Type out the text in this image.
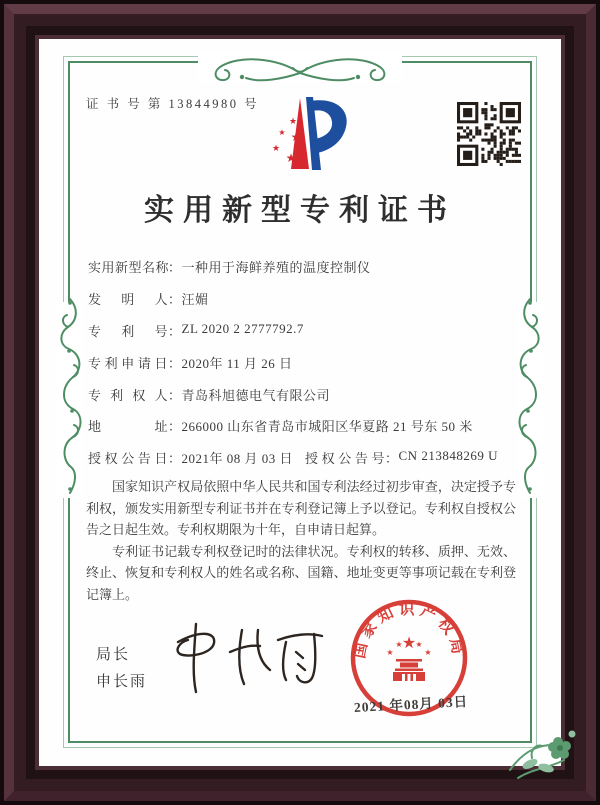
证 书 号 第 13844980 号
★
★ ★
★
★
实用新型专利证书
实用新型名称：一种用于海鲜养殖的温度控制仪
发明人：汪媚
专利号：ZL 2020 2 2777792.7
专利申请日：2020年 11 月 26 日
专利权人：青岛科旭德电气有限公司
地址：266000 山东省青岛市城阳区华夏路 21 号东 50 米
授权公告日：2021年 08 月 03 日 授权公告号：CN 213848269 U

国家知识产权局依照中华人民共和国专利法经过初步审查，决定授予专利权，颁发实用新型专利证书并在专利登记簿上予以登记。专利权自授权公告之日起生效。专利权期限为十年，自申请日起算。

专利证书记载专利权登记时的法律状况。专利权的转移、质押、无效、终止、恢复和专利权人的姓名或名称、国籍、地址变更等事项记载在专利登记簿上。

局长
申长雨
国家知识产权局
★
★
★ ★
★
2021 年08月 03日
